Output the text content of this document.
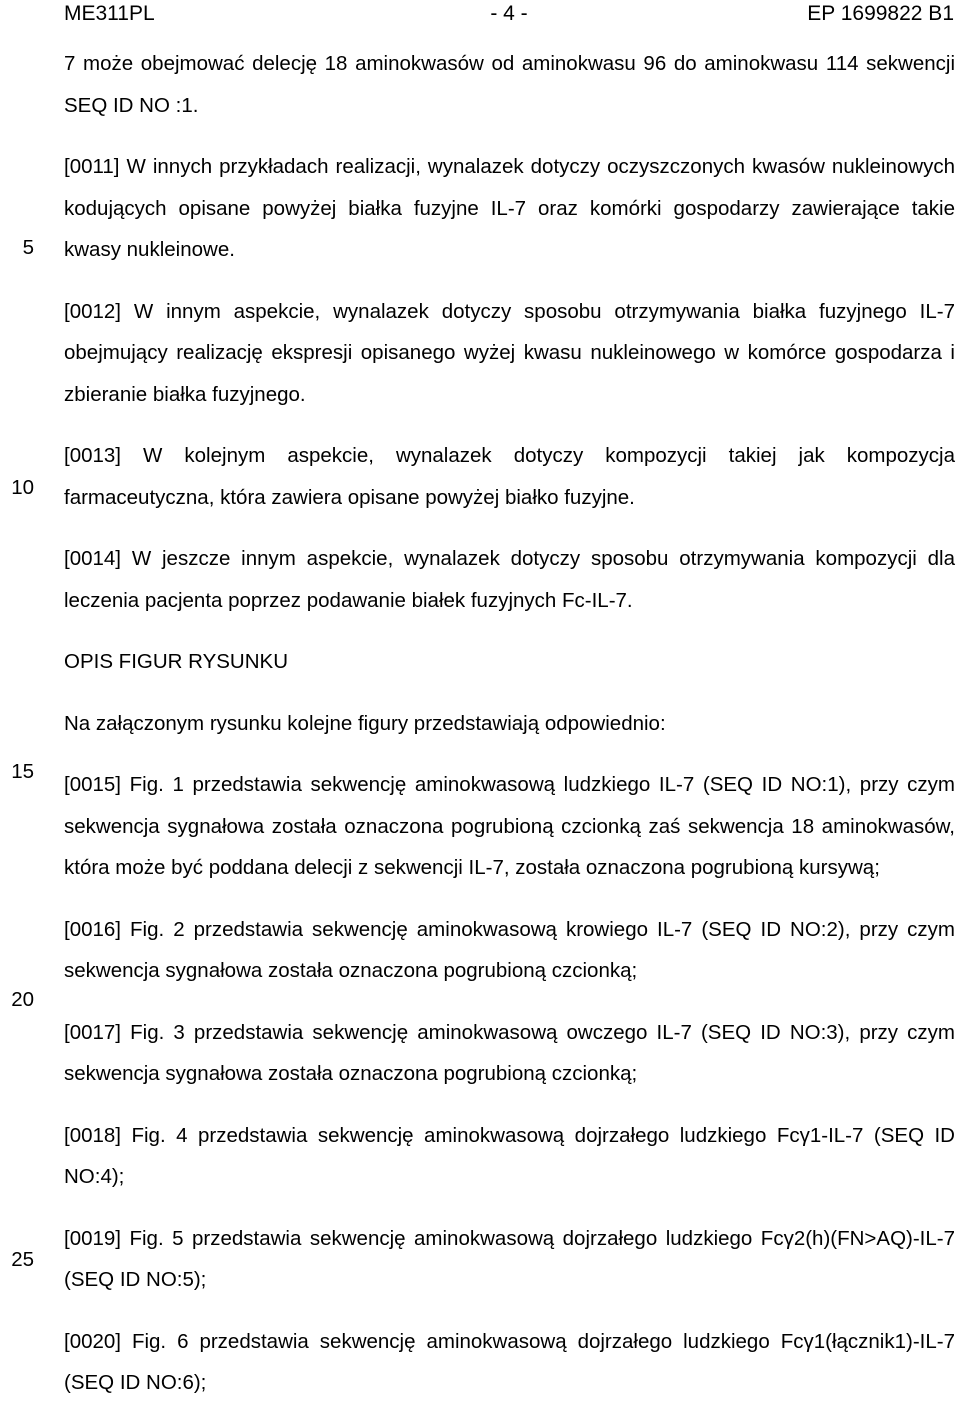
ME311PL	- 4 -	EP 1699822 B1
5
10
15
20
25

7 może obejmować delecję 18 aminokwasów od aminokwasu 96 do aminokwasu 114 sekwencji SEQ ID NO :1.

[0011] W innych przykładach realizacji, wynalazek dotyczy oczyszczonych kwasów nukleinowych kodujących opisane powyżej białka fuzyjne IL-7 oraz komórki gospodarzy zawierające takie kwasy nukleinowe.

[0012] W innym aspekcie, wynalazek dotyczy sposobu otrzymywania białka fuzyjnego IL-7 obejmujący realizację ekspresji opisanego wyżej kwasu nukleinowego w komórce gospodarza i zbieranie białka fuzyjnego.

[0013] W kolejnym aspekcie, wynalazek dotyczy kompozycji takiej jak kompozycja farmaceutyczna, która zawiera opisane powyżej białko fuzyjne.

[0014] W jeszcze innym aspekcie, wynalazek dotyczy sposobu otrzymywania kompozycji dla leczenia pacjenta poprzez podawanie białek fuzyjnych Fc-IL-7.

OPIS FIGUR RYSUNKU

Na załączonym rysunku kolejne figury przedstawiają odpowiednio:

[0015] Fig. 1 przedstawia sekwencję aminokwasową ludzkiego IL-7 (SEQ ID NO:1), przy czym sekwencja sygnałowa została oznaczona pogrubioną czcionką zaś sekwencja 18 aminokwasów, która może być poddana delecji z sekwencji IL-7, została oznaczona pogrubioną kursywą;

[0016] Fig. 2 przedstawia sekwencję aminokwasową krowiego IL-7 (SEQ ID NO:2), przy czym sekwencja sygnałowa została oznaczona pogrubioną czcionką;

[0017] Fig. 3 przedstawia sekwencję aminokwasową owczego IL-7 (SEQ ID NO:3), przy czym sekwencja sygnałowa została oznaczona pogrubioną czcionką;

[0018] Fig. 4 przedstawia sekwencję aminokwasową dojrzałego ludzkiego Fcγ1-IL-7 (SEQ ID NO:4);

[0019] Fig. 5 przedstawia sekwencję aminokwasową dojrzałego ludzkiego Fcγ2(h)(FN>AQ)-IL-7 (SEQ ID NO:5);

[0020] Fig. 6 przedstawia sekwencję aminokwasową dojrzałego ludzkiego Fcγ1(łącznik1)-IL-7 (SEQ ID NO:6);
